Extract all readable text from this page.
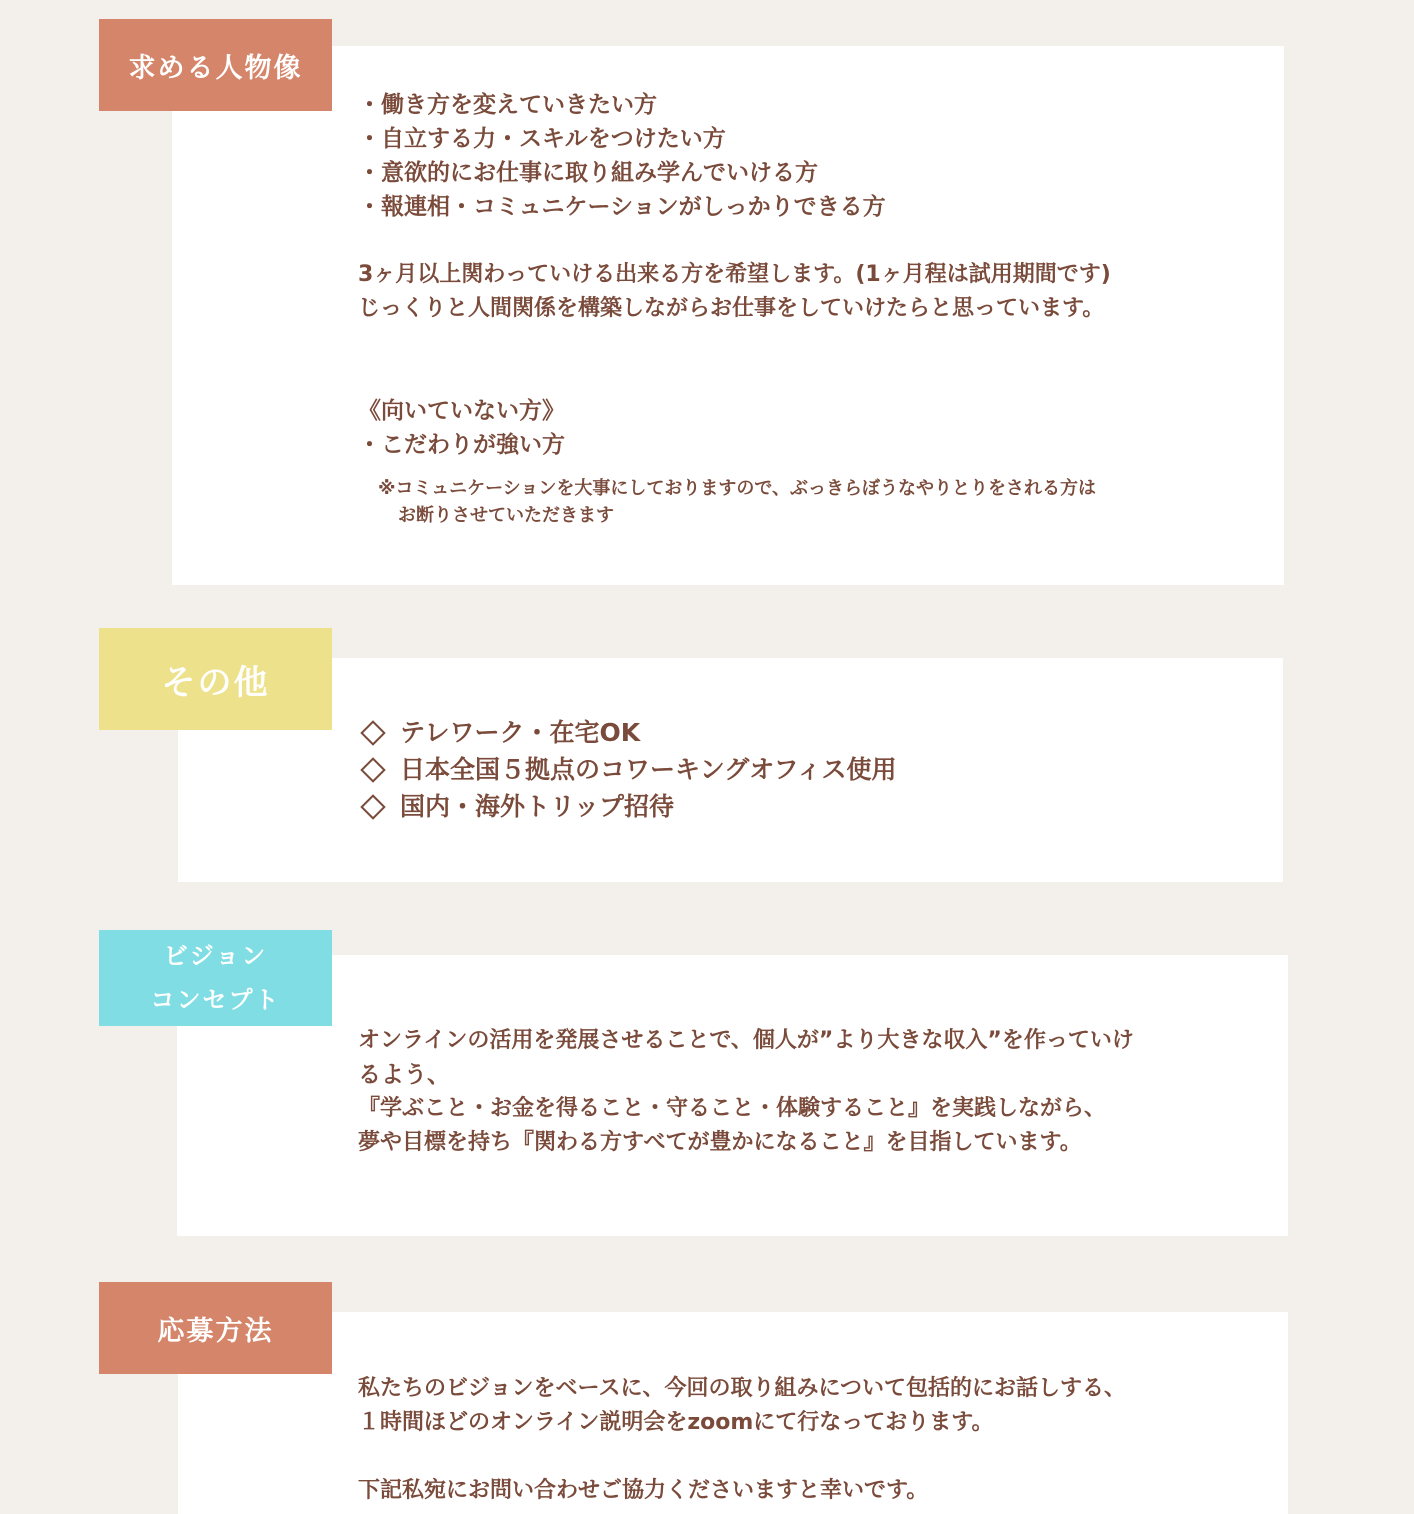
求める人物像
・働き方を変えていきたい方
・自立する力・スキルをつけたい方
・意欲的にお仕事に取り組み学んでいける方
・報連相・コミュニケーションがしっかりできる方
3ヶ月以上関わっていける出来る方を希望します。(1ヶ月程は試用期間です)
じっくりと人間関係を構築しながらお仕事をしていけたらと思っています。
《向いていない方》
・こだわりが強い方
※コミュニケーションを大事にしておりますので、ぶっきらぼうなやりとりをされる方は
お断りさせていただきます
その他
テレワーク・在宅OK
日本全国５拠点のコワーキングオフィス使用
国内・海外トリップ招待
ビジョン
コンセプト
オンラインの活用を発展させることで、個人が”より大きな収入”を作っていけ
るよう、
『学ぶこと・お金を得ること・守ること・体験すること』を実践しながら、
夢や目標を持ち『関わる方すべてが豊かになること』を目指しています。
応募方法
私たちのビジョンをベースに、今回の取り組みについて包括的にお話しする、
１時間ほどのオンライン説明会をzoomにて行なっております。
下記私宛にお問い合わせご協力くださいますと幸いです。
